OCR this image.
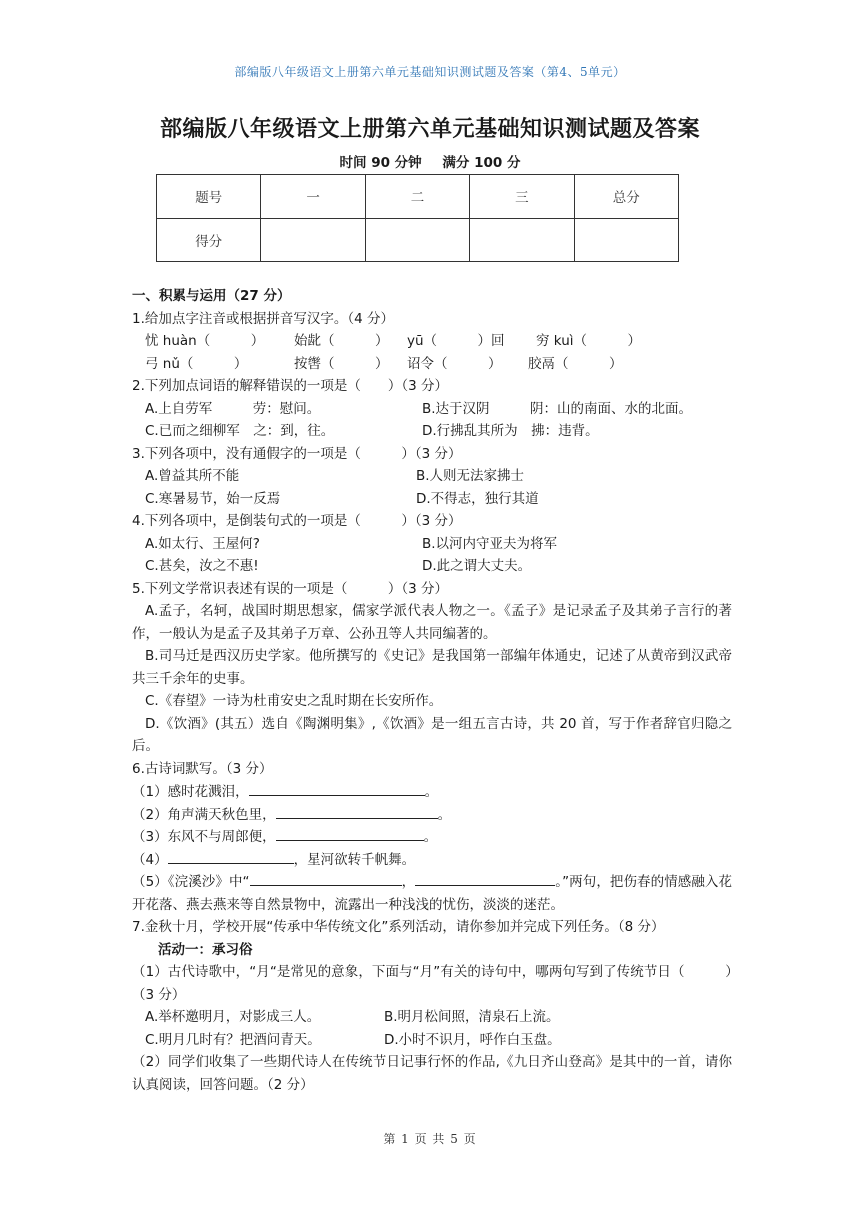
部编版八年级语文上册第六单元基础知识测试题及答案（第4、5单元）
部编版八年级语文上册第六单元基础知识测试题及答案
时间 90 分钟 满分 100 分
题号	一	二	三	总分
得分				
一、积累与运用（27 分）
1.给加点字注音或根据拼音写汉字。（4 分）
忧 huàn（　　　） 始龀（　　　） yū（　　　）回 穷 kuì（　　　）
弓 nǔ（　　　）	按辔（　　　） 诏令（　　　） 胶鬲（　　　）
2.下列加点词语的解释错误的一项是（　　）（3 分）
A.上自劳军　　　劳：慰问。	B.达于汉阴　　　阴：山的南面、水的北面。
C.已而之细柳军　之：到，往。	D.行拂乱其所为　拂：违背。
3.下列各项中，没有通假字的一项是（　　　）（3 分）
A.曾益其所不能	B.人则无法家拂士
C.寒暑易节，始一反焉	D.不得志，独行其道
4.下列各项中，是倒装句式的一项是（　　　）（3 分）
A.如太行、王屋何?	B.以河内守亚夫为将军
C.甚矣，汝之不惠!	D.此之谓大丈夫。
5.下列文学常识表述有误的一项是（　　　）（3 分）
A.孟子，名轲，战国时期思想家，儒家学派代表人物之一。《孟子》是记录孟子及其弟子言行的著作，一般认为是孟子及其弟子万章、公孙丑等人共同编著的。
B.司马迁是西汉历史学家。他所撰写的《史记》是我国第一部编年体通史，记述了从黄帝到汉武帝共三千余年的史事。
C.《春望》一诗为杜甫安史之乱时期在长安所作。
D.《饮酒》(其五）选自《陶渊明集》,《饮酒》是一组五言古诗，共 20 首，写于作者辞官归隐之后。
6.古诗词默写。（3 分）
（1）感时花溅泪，	。
（2）角声满天秋色里，	。
（3）东风不与周郎便，	。
（4）	，星河欲转千帆舞。
（5）《浣溪沙》中“	，	。”两句，把伤春的情感融入花开花落、燕去燕来等自然景物中，流露出一种浅浅的忧伤，淡淡的迷茫。
7.金秋十月，学校开展“传承中华传统文化”系列活动，请你参加并完成下列任务。（8 分）
活动一：承习俗
（1）古代诗歌中，“月“是常见的意象，下面与“月”有关的诗句中，哪两句写到了传统节日（　　　）（3 分）
A.举杯邀明月，对影成三人。	B.明月松间照，清泉石上流。
C.明月几时有？把酒问青天。	D.小时不识月，呼作白玉盘。
（2）同学们收集了一些期代诗人在传统节日记事行怀的作品,《九日齐山登高》是其中的一首，请你认真阅读，回答问题。（2 分）
第 1 页 共 5 页
